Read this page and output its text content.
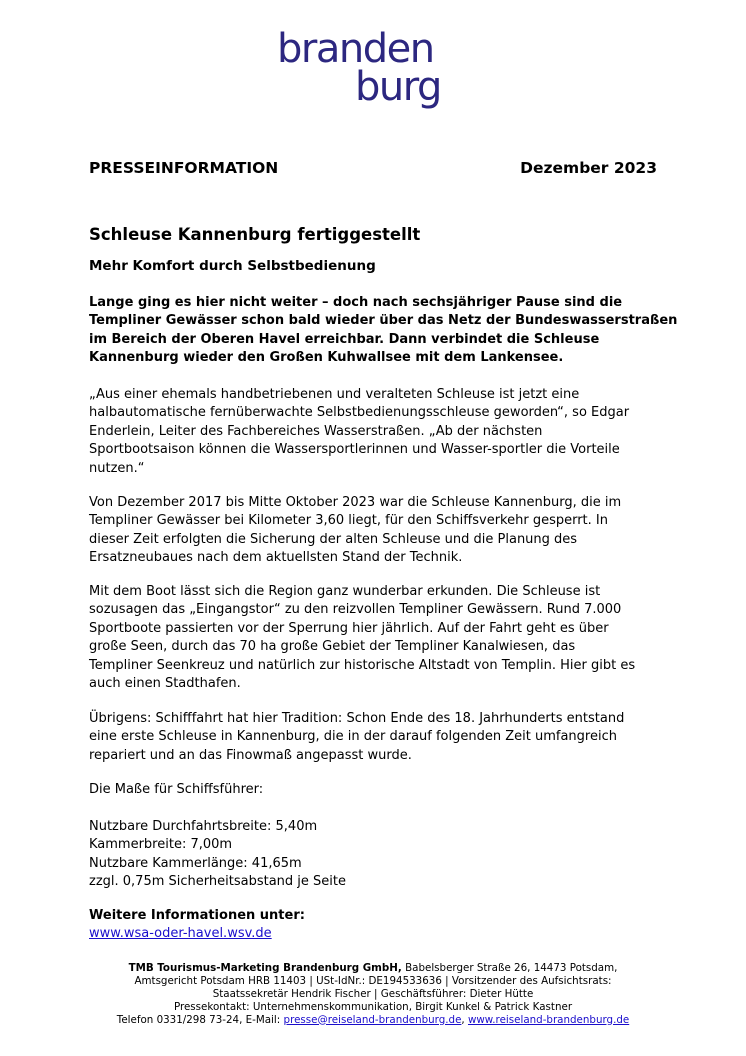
branden
burg
PRESSEINFORMATION	Dezember 2023
Schleuse Kannenburg fertiggestellt
Mehr Komfort durch Selbstbedienung

Lange ging es hier nicht weiter – doch nach sechsjähriger Pause sind die
Templiner Gewässer schon bald wieder über das Netz der Bundeswasserstraßen
im Bereich der Oberen Havel erreichbar. Dann verbindet die Schleuse
Kannenburg wieder den Großen Kuhwallsee mit dem Lankensee.

„Aus einer ehemals handbetriebenen und veralteten Schleuse ist jetzt eine
halbautomatische fernüberwachte Selbstbedienungsschleuse geworden“, so Edgar
Enderlein, Leiter des Fachbereiches Wasserstraßen. „Ab der nächsten
Sportbootsaison können die Wassersportlerinnen und Wasser-sportler die Vorteile
nutzen.“

Von Dezember 2017 bis Mitte Oktober 2023 war die Schleuse Kannenburg, die im
Templiner Gewässer bei Kilometer 3,60 liegt, für den Schiffsverkehr gesperrt. In
dieser Zeit erfolgten die Sicherung der alten Schleuse und die Planung des
Ersatzneubaues nach dem aktuellsten Stand der Technik.

Mit dem Boot lässt sich die Region ganz wunderbar erkunden. Die Schleuse ist
sozusagen das „Eingangstor“ zu den reizvollen Templiner Gewässern. Rund 7.000
Sportboote passierten vor der Sperrung hier jährlich. Auf der Fahrt geht es über
große Seen, durch das 70 ha große Gebiet der Templiner Kanalwiesen, das
Templiner Seenkreuz und natürlich zur historische Altstadt von Templin. Hier gibt es
auch einen Stadthafen.

Übrigens: Schifffahrt hat hier Tradition: Schon Ende des 18. Jahrhunderts entstand
eine erste Schleuse in Kannenburg, die in der darauf folgenden Zeit umfangreich
repariert und an das Finowmaß angepasst wurde.

Die Maße für Schiffsführer:

Nutzbare Durchfahrtsbreite: 5,40m
Kammerbreite: 7,00m
Nutzbare Kammerlänge: 41,65m
zzgl. 0,75m Sicherheitsabstand je Seite

Weitere Informationen unter:
www.wsa-oder-havel.wsv.de
TMB Tourismus-Marketing Brandenburg GmbH, Babelsberger Straße 26, 14473 Potsdam,
Amtsgericht Potsdam HRB 11403 | USt-IdNr.: DE194533636 | Vorsitzender des Aufsichtsrats:
Staatssekretär Hendrik Fischer | Geschäftsführer: Dieter Hütte
Pressekontakt: Unternehmenskommunikation, Birgit Kunkel & Patrick Kastner
Telefon 0331/298 73-24, E-Mail: presse@reiseland-brandenburg.de, www.reiseland-brandenburg.de
